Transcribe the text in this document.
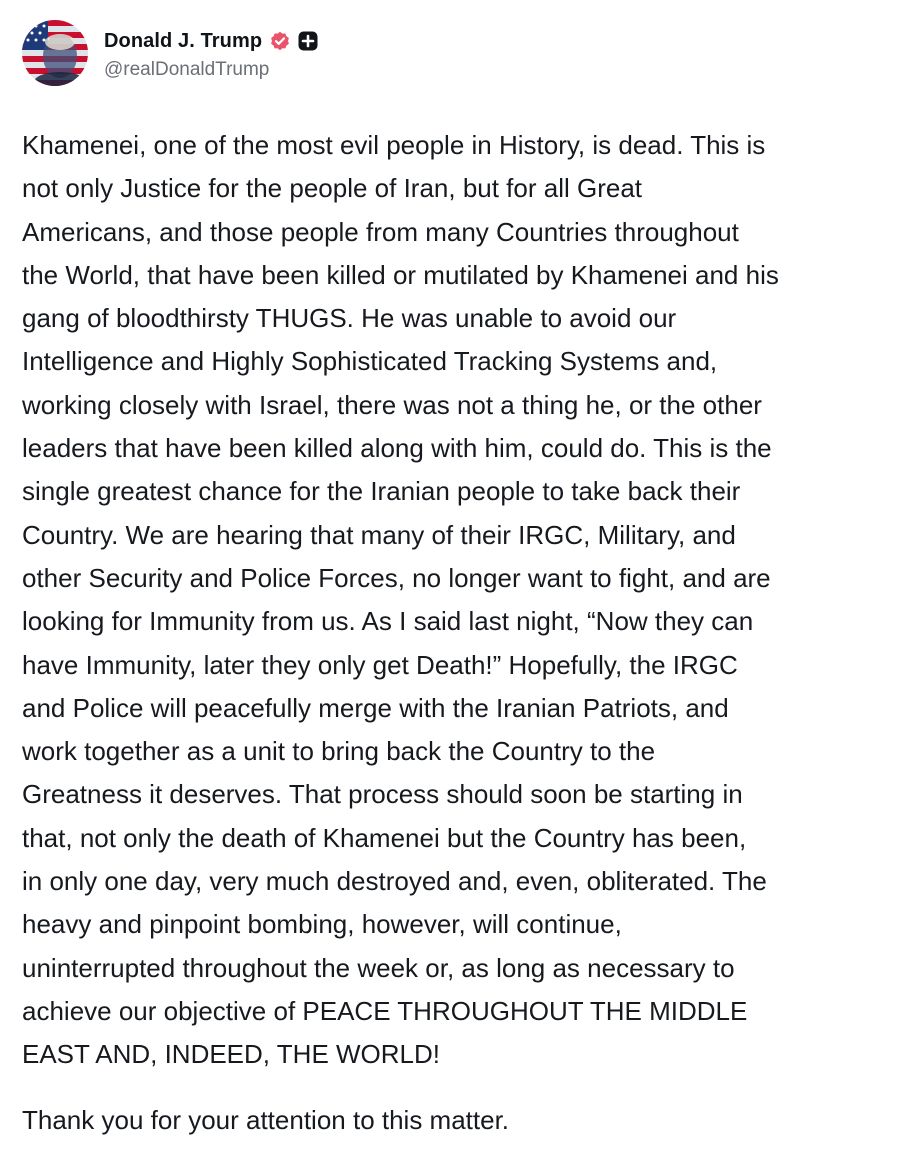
Donald J. Trump
@realDonaldTrump

Khamenei, one of the most evil people in History, is dead. This is
not only Justice for the people of Iran, but for all Great
Americans, and those people from many Countries throughout
the World, that have been killed or mutilated by Khamenei and his
gang of bloodthirsty THUGS. He was unable to avoid our
Intelligence and Highly Sophisticated Tracking Systems and,
working closely with Israel, there was not a thing he, or the other
leaders that have been killed along with him, could do. This is the
single greatest chance for the Iranian people to take back their
Country. We are hearing that many of their IRGC, Military, and
other Security and Police Forces, no longer want to fight, and are
looking for Immunity from us. As I said last night, “Now they can
have Immunity, later they only get Death!” Hopefully, the IRGC
and Police will peacefully merge with the Iranian Patriots, and
work together as a unit to bring back the Country to the
Greatness it deserves. That process should soon be starting in
that, not only the death of Khamenei but the Country has been,
in only one day, very much destroyed and, even, obliterated. The
heavy and pinpoint bombing, however, will continue,
uninterrupted throughout the week or, as long as necessary to
achieve our objective of PEACE THROUGHOUT THE MIDDLE
EAST AND, INDEED, THE WORLD!

Thank you for your attention to this matter.
